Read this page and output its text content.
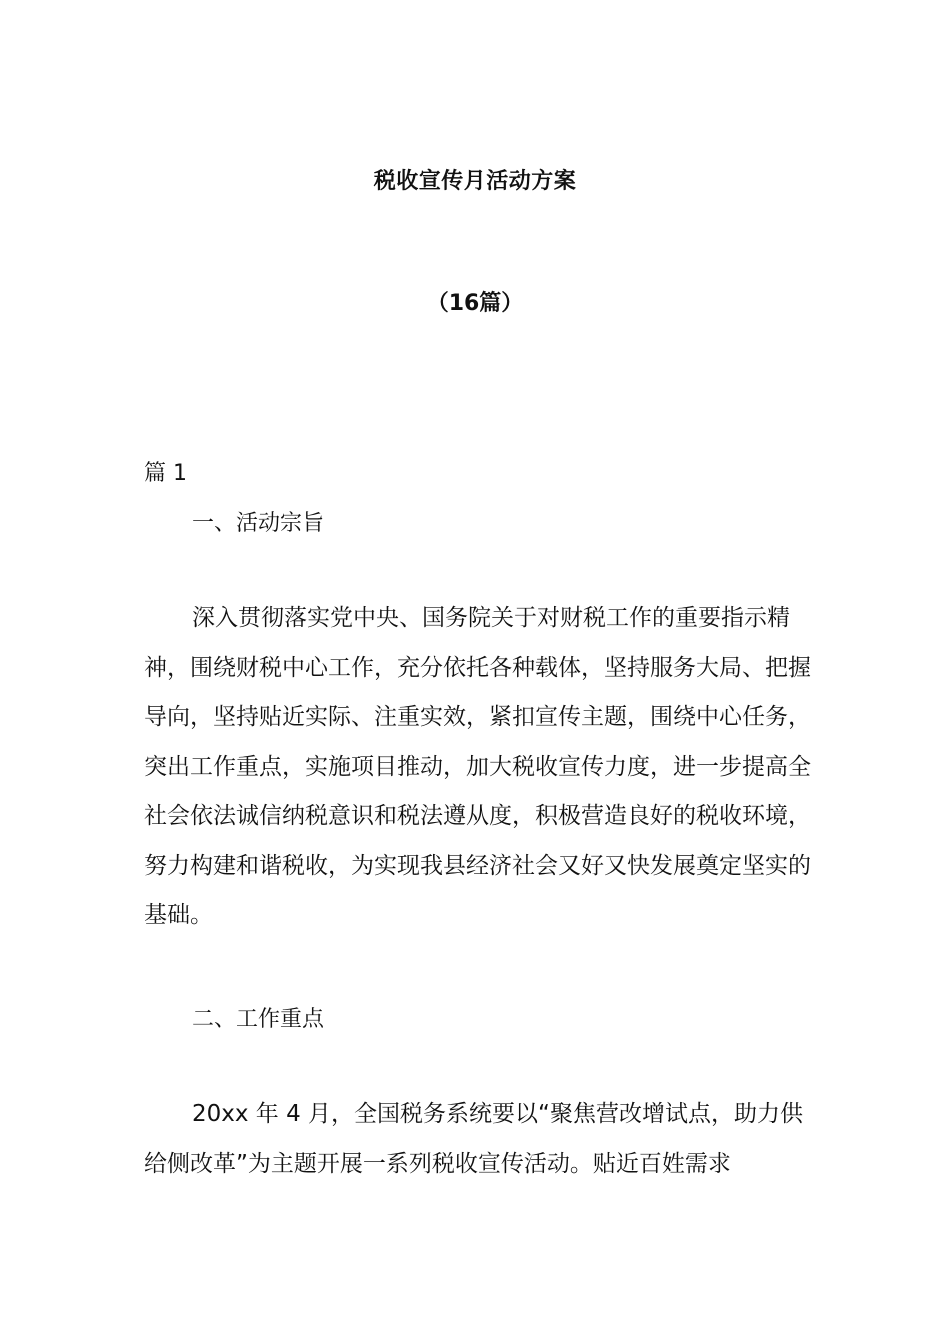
税收宣传月活动方案
（16篇）
篇 1
一、活动宗旨

深入贯彻落实党中央、国务院关于对财税工作的重要指示精神，围绕财税中心工作，充分依托各种载体，坚持服务大局、把握导向，坚持贴近实际、注重实效，紧扣宣传主题，围绕中心任务，突出工作重点，实施项目推动，加大税收宣传力度，进一步提高全社会依法诚信纳税意识和税法遵从度，积极营造良好的税收环境，努力构建和谐税收，为实现我县经济社会又好又快发展奠定坚实的基础。

二、工作重点

20xx 年 4 月，全国税务系统要以“聚焦营改增试点，助力供给侧改革”为主题开展一系列税收宣传活动。贴近百姓需求
